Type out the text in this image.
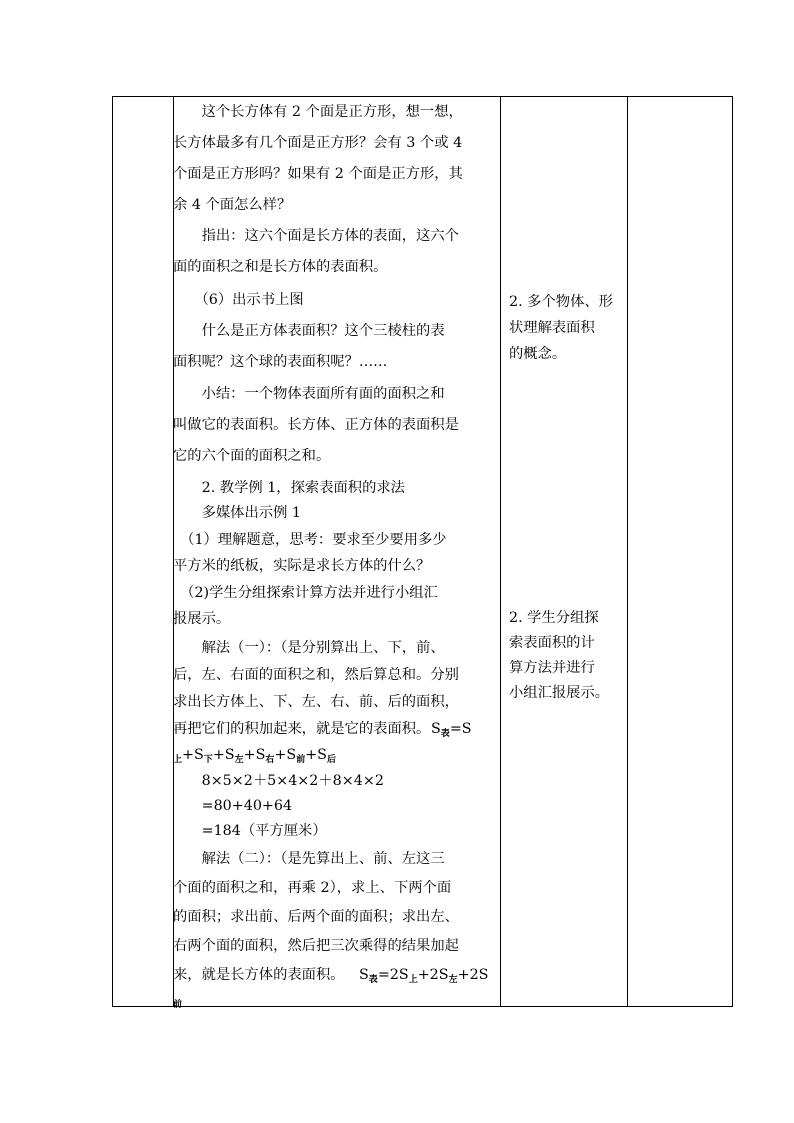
　　这个长方体有 2 个面是正方形，想一想，
长方体最多有几个面是正方形？会有 3 个或 4
个面是正方形吗？如果有 2 个面是正方形，其
余 4 个面怎么样？
　　指出：这六个面是长方体的表面，这六个
面的面积之和是长方体的表面积。
　　（6）出示书上图
　　什么是正方体表面积？这个三棱柱的表
面积呢？这个球的表面积呢？……
　　小结：一个物体表面所有面的面积之和
叫做它的表面积。长方体、正方体的表面积是
它的六个面的面积之和。
　　2. 教学例 1，探索表面积的求法
　　多媒体出示例 1
　（1）理解题意，思考：要求至少要用多少
平方米的纸板，实际是求长方体的什么？
　（2)学生分组探索计算方法并进行小组汇
报展示。
　　解法（一）：（是分别算出上、下，前、
后，左、右面的面积之和，然后算总和。分别
求出长方体上、下、左、右、前、后的面积，
再把它们的积加起来，就是它的表面积。 $S_表=S$
$_上+S_下+S_左+S_右+S_前+S_后$
　　8×5×2＋5×4×2＋8×4×2
　　=80+40+64
　　=184（平方厘米）
　　解法（二）：（是先算出上、前、左这三
个面的面积之和，再乘 2），求上、下两个面
的面积；求出前、后两个面的面积；求出左、
右两个面的面积，然后把三次乘得的结果加起
来，就是长方体的表面积。 $S_表=2S_上+2S_左+2S$
$_前$
2. 多个物体、形
状理解表面积
的概念。
2. 学生分组探
索表面积的计
算方法并进行
小组汇报展示。
